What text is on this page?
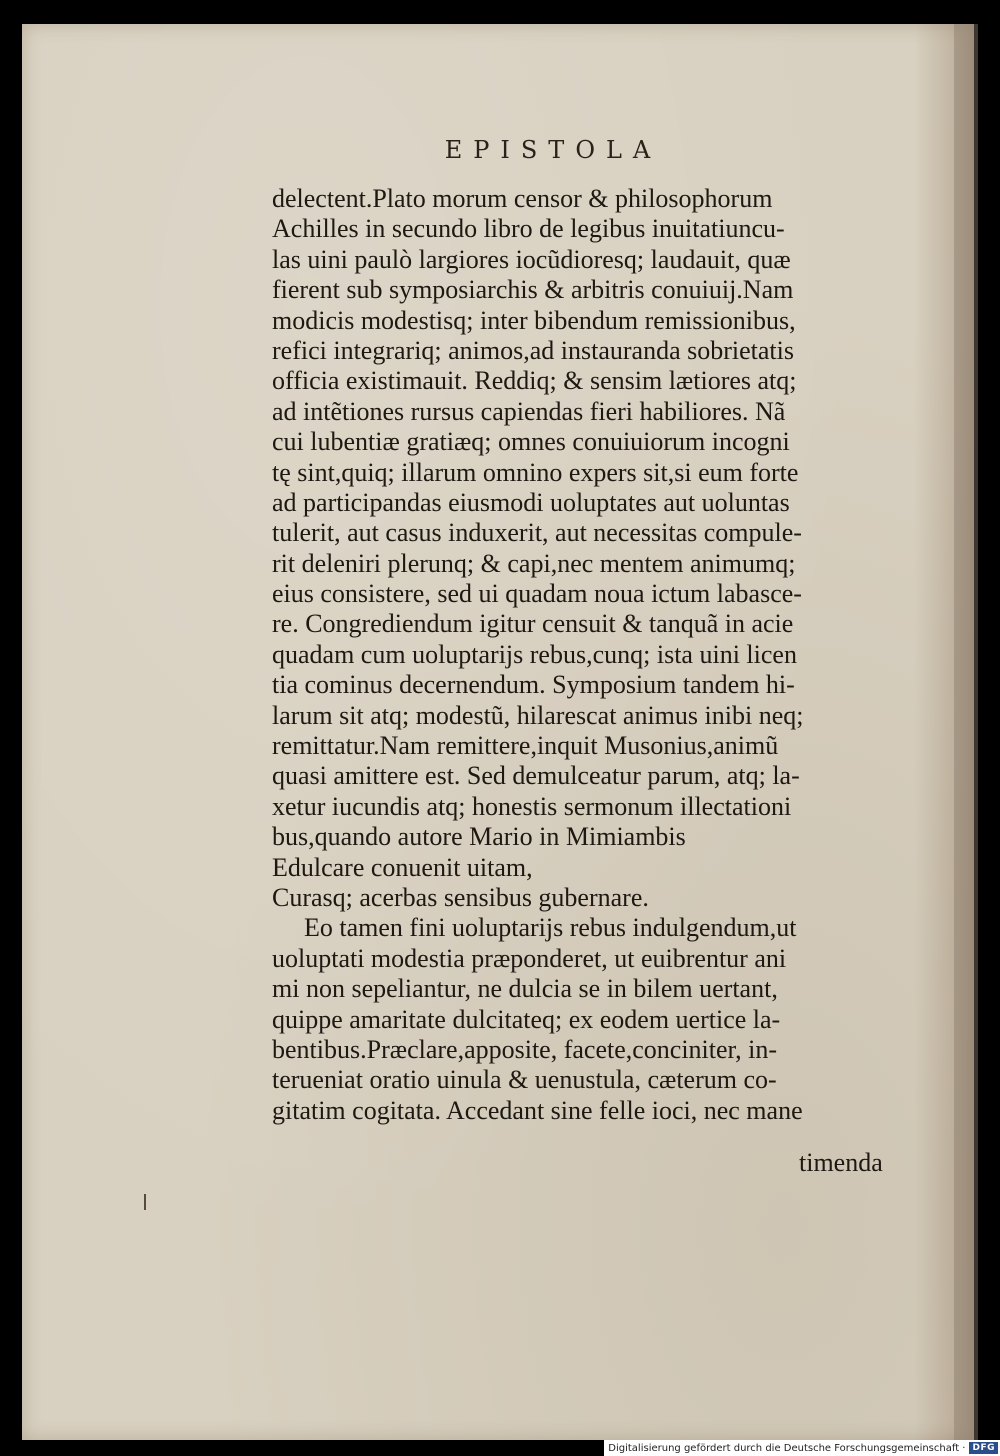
EPISTOLA
delectent.Plato morum censor & philosophorum
Achilles in secundo libro de legibus inuitatiuncu-
las uini paulò largiores iocũdioresq; laudauit, quæ
fierent sub symposiarchis & arbitris conuiuij.Nam
modicis modestisq; inter bibendum remissionibus,
refici integrariq; animos,ad instauranda sobrietatis
officia existimauit. Reddiq; & sensim lætiores atq;
ad intẽtiones rursus capiendas fieri habiliores. Nã
cui lubentiæ gratiæq; omnes conuiuiorum incogni
tę sint,quiq; illarum omnino expers sit,si eum forte
ad participandas eiusmodi uoluptates aut uoluntas
tulerit, aut casus induxerit, aut necessitas compule-
rit deleniri plerunq; & capi,nec mentem animumq;
eius consistere, sed ui quadam noua ictum labasce-
re. Congrediendum igitur censuit & tanquã in acie
quadam cum uoluptarijs rebus,cunq; ista uini licen
tia cominus decernendum. Symposium tandem hi-
larum sit atq; modestũ, hilarescat animus inibi neq;
remittatur.Nam remittere,inquit Musonius,animũ
quasi amittere est. Sed demulceatur parum, atq; la-
xetur iucundis atq; honestis sermonum illectationi
bus,quando autore Mario in Mimiambis
Edulcare conuenit uitam,
Curasq; acerbas sensibus gubernare.
Eo tamen fini uoluptarijs rebus indulgendum,ut
uoluptati modestia præponderet, ut euibrentur ani
mi non sepeliantur, ne dulcia se in bilem uertant,
quippe amaritate dulcitateq; ex eodem uertice la-
bentibus.Præclare,apposite, facete,conciniter, in-
terueniat oratio uinula & uenustula, cæterum co-
gitatim cogitata. Accedant sine felle ioci, nec mane
timenda
Digitalisierung gefördert durch die Deutsche Forschungsgemeinschaft · DFG
